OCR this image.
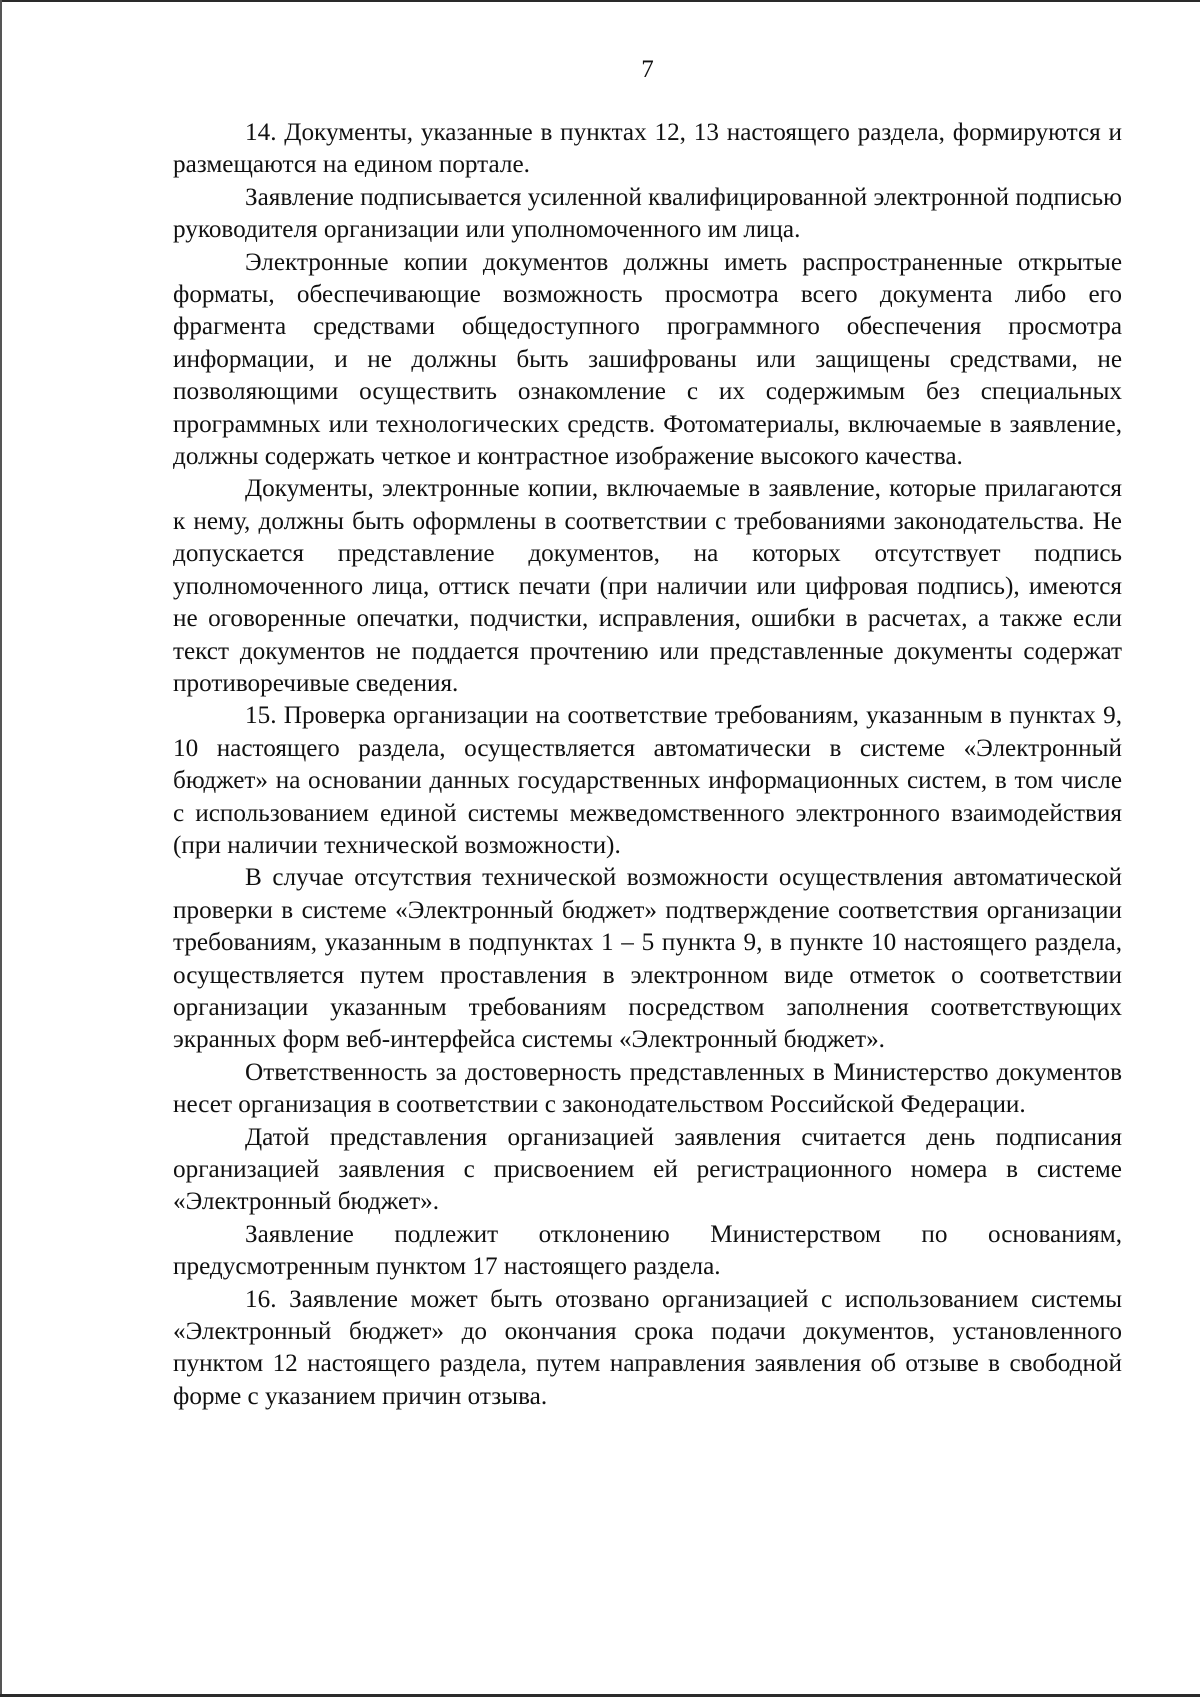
7

14. Документы, указанные в пунктах 12, 13 настоящего раздела, формируются и размещаются на едином портале.

Заявление подписывается усиленной квалифицированной электронной подписью руководителя организации или уполномоченного им лица.

Электронные копии документов должны иметь распространенные открытые форматы, обеспечивающие возможность просмотра всего документа либо его фрагмента средствами общедоступного программного обеспечения просмотра информации, и не должны быть зашифрованы или защищены средствами, не позволяющими осуществить ознакомление с их содержимым без специальных программных или технологических средств. Фотоматериалы, включаемые в заявление, должны содержать четкое и контрастное изображение высокого качества.

Документы, электронные копии, включаемые в заявление, которые прилагаются к нему, должны быть оформлены в соответствии с требованиями законодательства. Не допускается представление документов, на которых отсутствует подпись уполномоченного лица, оттиск печати (при наличии или цифровая подпись), имеются не оговоренные опечатки, подчистки, исправления, ошибки в расчетах, а также если текст документов не поддается прочтению или представленные документы содержат противоречивые сведения.

15. Проверка организации на соответствие требованиям, указанным в пунктах 9, 10 настоящего раздела, осуществляется автоматически в системе «Электронный бюджет» на основании данных государственных информационных систем, в том числе с использованием единой системы межведомственного электронного взаимодействия (при наличии технической возможности).

В случае отсутствия технической возможности осуществления автоматической проверки в системе «Электронный бюджет» подтверждение соответствия организации требованиям, указанным в подпунктах 1 – 5 пункта 9, в пункте 10 настоящего раздела, осуществляется путем проставления в электронном виде отметок о соответствии организации указанным требованиям посредством заполнения соответствующих экранных форм веб-интерфейса системы «Электронный бюджет».

Ответственность за достоверность представленных в Министерство документов несет организация в соответствии с законодательством Российской Федерации.

Датой представления организацией заявления считается день подписания организацией заявления с присвоением ей регистрационного номера в системе «Электронный бюджет».

Заявление подлежит отклонению Министерством по основаниям, предусмотренным пунктом 17 настоящего раздела.

16. Заявление может быть отозвано организацией с использованием системы «Электронный бюджет» до окончания срока подачи документов, установленного пунктом 12 настоящего раздела, путем направления заявления об отзыве в свободной форме с указанием причин отзыва.
